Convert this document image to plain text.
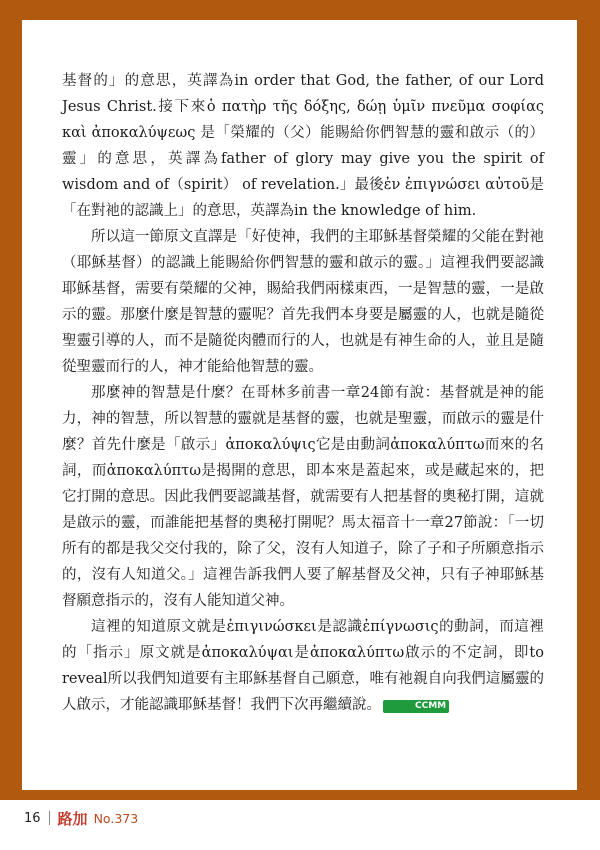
基督的」的意思，英譯為in order that God, the father, of our Lord Jesus Christ.接下來ὁ πατὴρ τῆς δόξης, δώῃ ὑμῖν πνεῦμα σοφίας καὶ ἀποκαλύψεως 是「榮耀的（父）能賜給你們智慧的靈和啟示（的）靈」的意思，英譯為father of glory may give you the spirit of wisdom and of（spirit） of revelation.」最後ἐν ἐπιγνώσει αὐτοῦ是「在對祂的認識上」的意思，英譯為in the knowledge of him.

所以這一節原文直譯是「好使神，我們的主耶穌基督榮耀的父能在對祂（耶穌基督）的認識上能賜給你們智慧的靈和啟示的靈。」這裡我們要認識耶穌基督，需要有榮耀的父神，賜給我們兩樣東西，一是智慧的靈，一是啟示的靈。那麼什麼是智慧的靈呢？首先我們本身要是屬靈的人，也就是隨從聖靈引導的人，而不是隨從肉體而行的人，也就是有神生命的人，並且是隨從聖靈而行的人，神才能給他智慧的靈。

那麼神的智慧是什麼？在哥林多前書一章24節有說：基督就是神的能力，神的智慧，所以智慧的靈就是基督的靈，也就是聖靈，而啟示的靈是什麼？首先什麼是「啟示」ἀποκαλύψις它是由動詞ἀποκαλύπτω而來的名詞，而ἀποκαλύπτω是揭開的意思，即本來是蓋起來，或是藏起來的，把它打開的意思。因此我們要認識基督，就需要有人把基督的奧秘打開，這就是啟示的靈，而誰能把基督的奧秘打開呢？馬太福音十一章27節說：「一切所有的都是我父交付我的，除了父，沒有人知道子，除了子和子所願意指示的，沒有人知道父。」這裡告訴我們人要了解基督及父神，只有子神耶穌基督願意指示的，沒有人能知道父神。

這裡的知道原文就是ἐπιγινώσκει是認識ἐπίγνωσις的動詞，而這裡的「指示」原文就是ἀποκαλύψαι是ἀποκαλύπτω啟示的不定詞，即to reveal所以我們知道要有主耶穌基督自己願意，唯有祂親自向我們這屬靈的人啟示，才能認識耶穌基督！我們下次再繼續說。	CCMM

16 路加 No.373
